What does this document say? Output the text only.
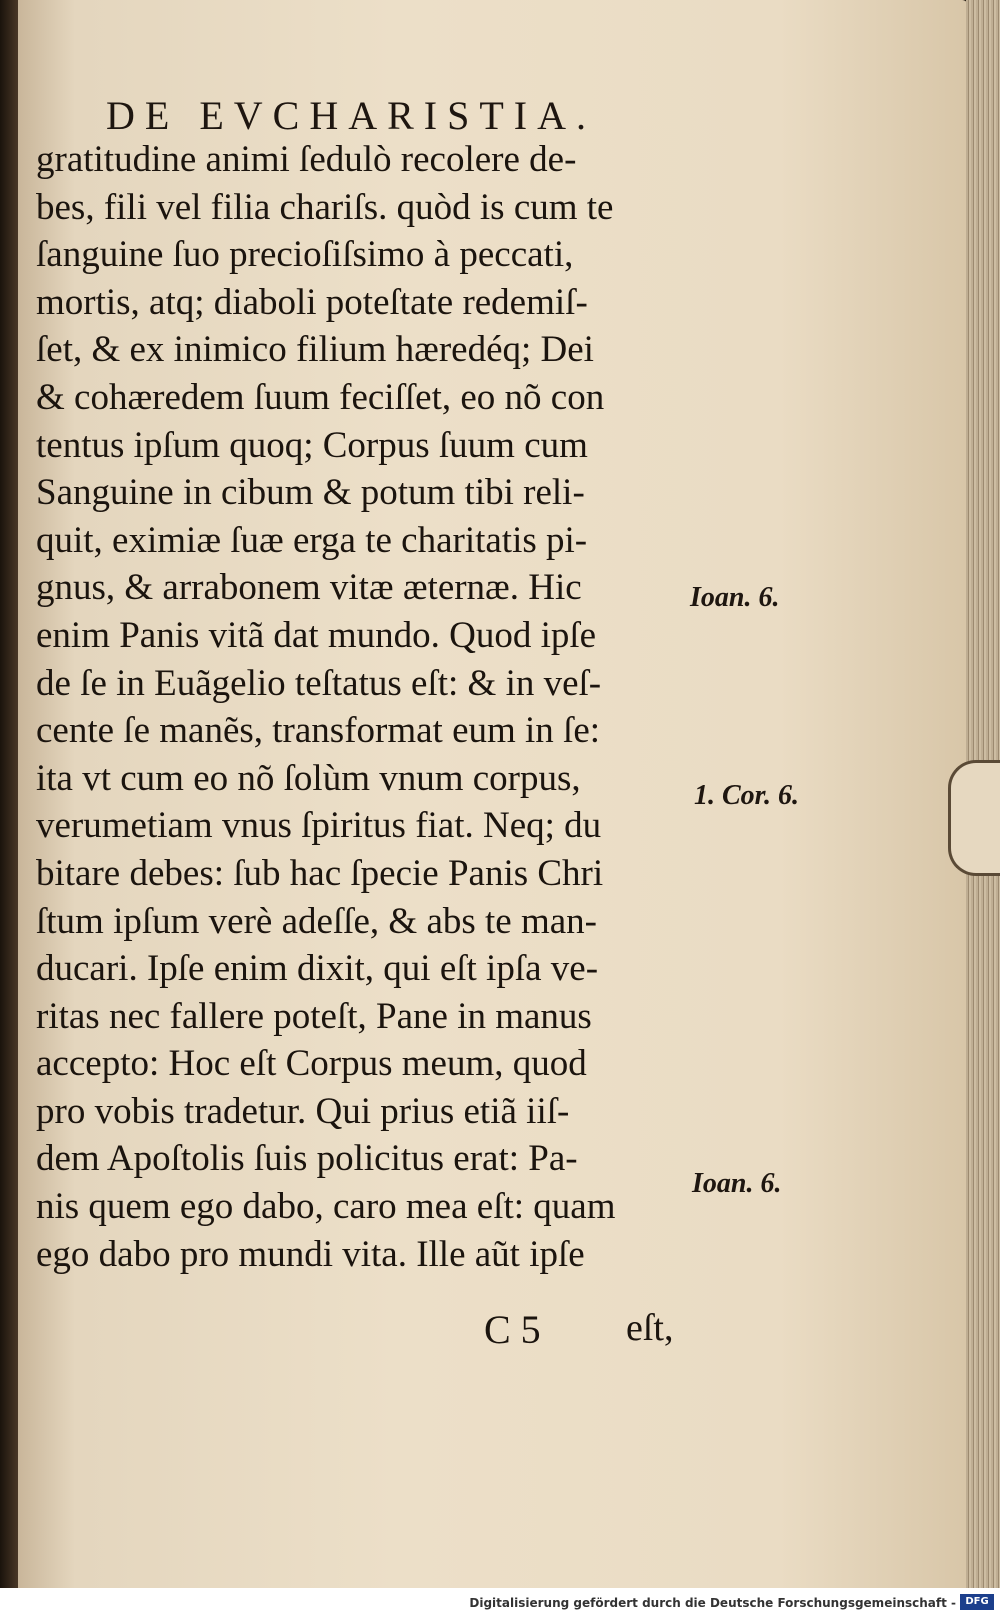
DE EVCHARISTIA.
gratitudine animi ſedulò recolere de-
bes, fili vel filia chariſs. quòd is cum te
ſanguine ſuo precioſiſsimo à peccati,
mortis, atq; diaboli poteſtate redemiſ-
ſet, & ex inimico filium hæredéq; Dei
& cohæredem ſuum feciſſet, eo nõ con
tentus ipſum quoq; Corpus ſuum cum
Sanguine in cibum & potum tibi reli-
quit, eximiæ ſuæ erga te charitatis pi-
gnus, & arrabonem vitæ æternæ. Hic
enim Panis vitã dat mundo. Quod ipſe
de ſe in Euãgelio teſtatus eſt: & in veſ-
cente ſe manẽs, transformat eum in ſe:
ita vt cum eo nõ ſolùm vnum corpus,
verumetiam vnus ſpiritus fiat. Neq; du
bitare debes: ſub hac ſpecie Panis Chri
ſtum ipſum verè adeſſe, & abs te man-
ducari. Ipſe enim dixit, qui eſt ipſa ve-
ritas nec fallere poteſt, Pane in manus
accepto: Hoc eſt Corpus meum, quod
pro vobis tradetur. Qui prius etiã iiſ-
dem Apoſtolis ſuis policitus erat: Pa-
nis quem ego dabo, caro mea eſt: quam
ego dabo pro mundi vita. Ille aũt ipſe
Ioan. 6.
1. Cor. 6.
Ioan. 6.
C 5 eſt,
Digitalisierung gefördert durch die Deutsche Forschungsgemeinschaft - DFG
